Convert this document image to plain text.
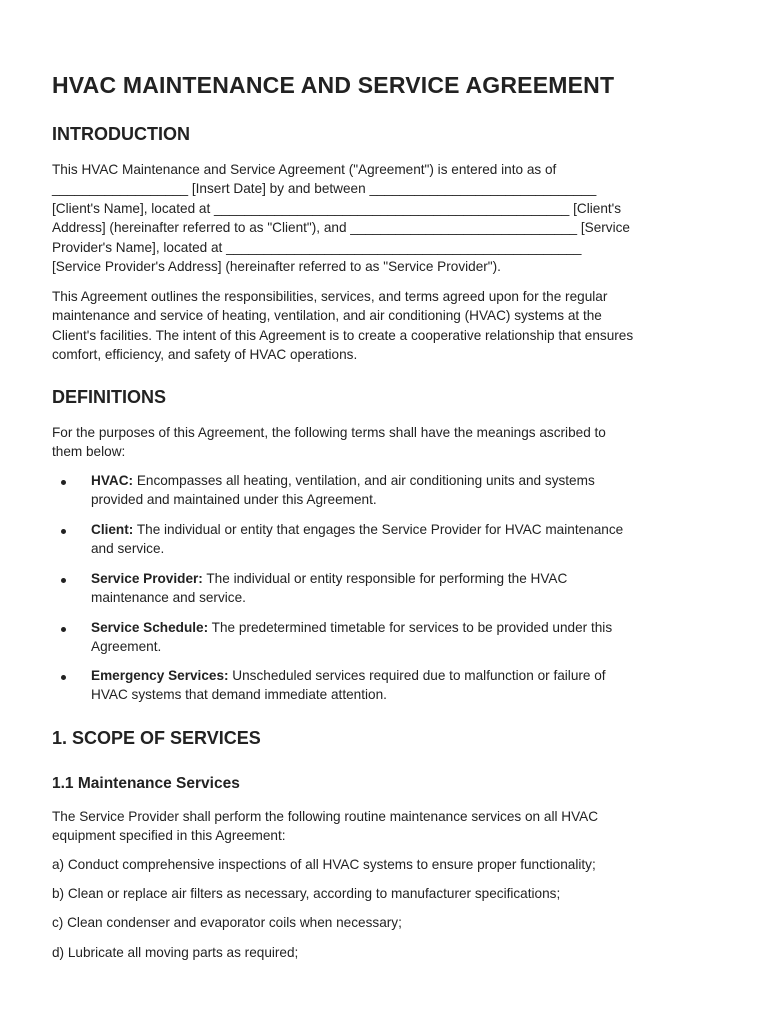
HVAC MAINTENANCE AND SERVICE AGREEMENT
INTRODUCTION

This HVAC Maintenance and Service Agreement ("Agreement") is entered into as of
__________________ [Insert Date] by and between ______________________________
[Client's Name], located at _______________________________________________ [Client's
Address] (hereinafter referred to as "Client"), and ______________________________ [Service
Provider's Name], located at _______________________________________________
[Service Provider's Address] (hereinafter referred to as "Service Provider").

This Agreement outlines the responsibilities, services, and terms agreed upon for the regular
maintenance and service of heating, ventilation, and air conditioning (HVAC) systems at the
Client's facilities. The intent of this Agreement is to create a cooperative relationship that ensures
comfort, efficiency, and safety of HVAC operations.

DEFINITIONS

For the purposes of this Agreement, the following terms shall have the meanings ascribed to
them below:

HVAC: Encompasses all heating, ventilation, and air conditioning units and systems
provided and maintained under this Agreement.
Client: The individual or entity that engages the Service Provider for HVAC maintenance
and service.
Service Provider: The individual or entity responsible for performing the HVAC
maintenance and service.
Service Schedule: The predetermined timetable for services to be provided under this
Agreement.
Emergency Services: Unscheduled services required due to malfunction or failure of
HVAC systems that demand immediate attention.
1. SCOPE OF SERVICES
1.1 Maintenance Services

The Service Provider shall perform the following routine maintenance services on all HVAC
equipment specified in this Agreement:

a) Conduct comprehensive inspections of all HVAC systems to ensure proper functionality;

b) Clean or replace air filters as necessary, according to manufacturer specifications;

c) Clean condenser and evaporator coils when necessary;

d) Lubricate all moving parts as required;
